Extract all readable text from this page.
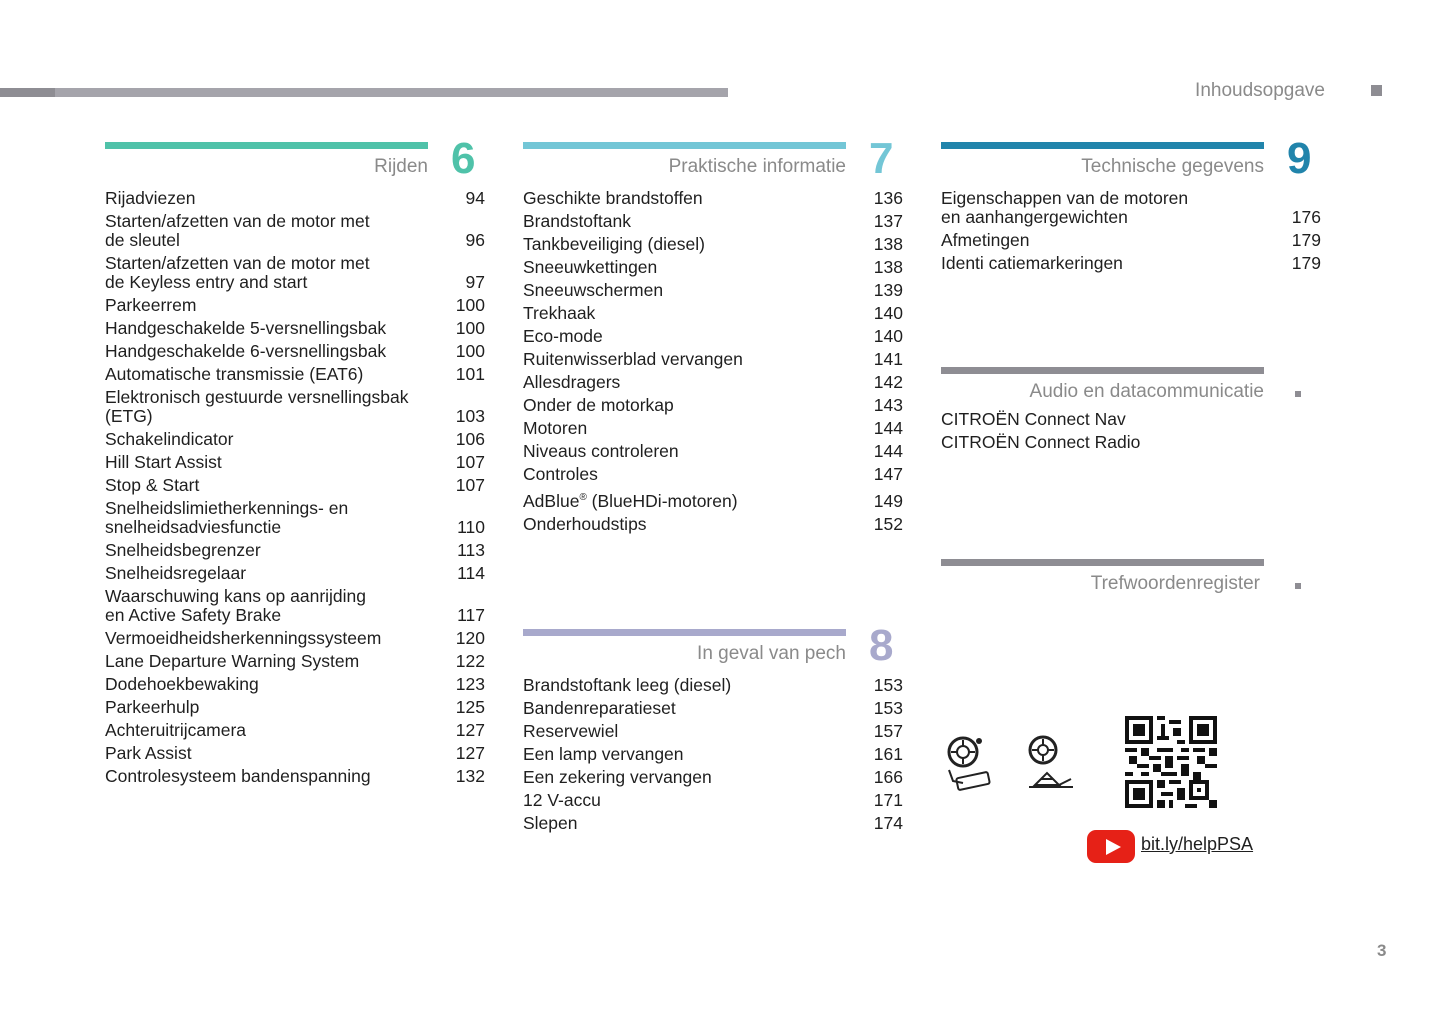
Inhoudsopgave
Rijden 6
Rijadviezen	94
Starten/afzetten van de motor met
de sleutel	96
Starten/afzetten van de motor met
de Keyless entry and start	97
Parkeerrem	100
Handgeschakelde 5-versnellingsbak	100
Handgeschakelde 6-versnellingsbak	100
Automatische transmissie (EAT6)	101
Elektronisch gestuurde versnellingsbak
(ETG)	103
Schakelindicator	106
Hill Start Assist	107
Stop & Start	107
Snelheidslimietherkennings- en
snelheidsadviesfunctie	110
Snelheidsbegrenzer	113
Snelheidsregelaar	114
Waarschuwing kans op aanrijding
en Active Safety Brake	117
Vermoeidheidsherkenningssysteem	120
Lane Departure Warning System	122
Dodehoekbewaking	123
Parkeerhulp	125
Achteruitrijcamera	127
Park Assist	127
Controlesysteem bandenspanning	132
Praktische informatie 7
Geschikte brandstoffen	136
Brandstoftank	137
Tankbeveiliging (diesel)	138
Sneeuwkettingen	138
Sneeuwschermen	139
Trekhaak	140
Eco-mode	140
Ruitenwisserblad vervangen	141
Allesdragers	142
Onder de motorkap	143
Motoren	144
Niveaus controleren	144
Controles	147
AdBlue® (BlueHDi-motoren)	149
Onderhoudstips	152
In geval van pech 8
Brandstoftank leeg (diesel)	153
Bandenreparatieset	153
Reservewiel	157
Een lamp vervangen	161
Een zekering vervangen	166
12 V-accu	171
Slepen	174
Technische gegevens 9
Eigenschappen van de motoren
en aanhangergewichten	176
Afmetingen	179
Identi catiemarkeringen	179
Audio en datacommunicatie
CITROËN Connect Nav
CITROËN Connect Radio
Trefwoordenregister
bit.ly/helpPSA
3
